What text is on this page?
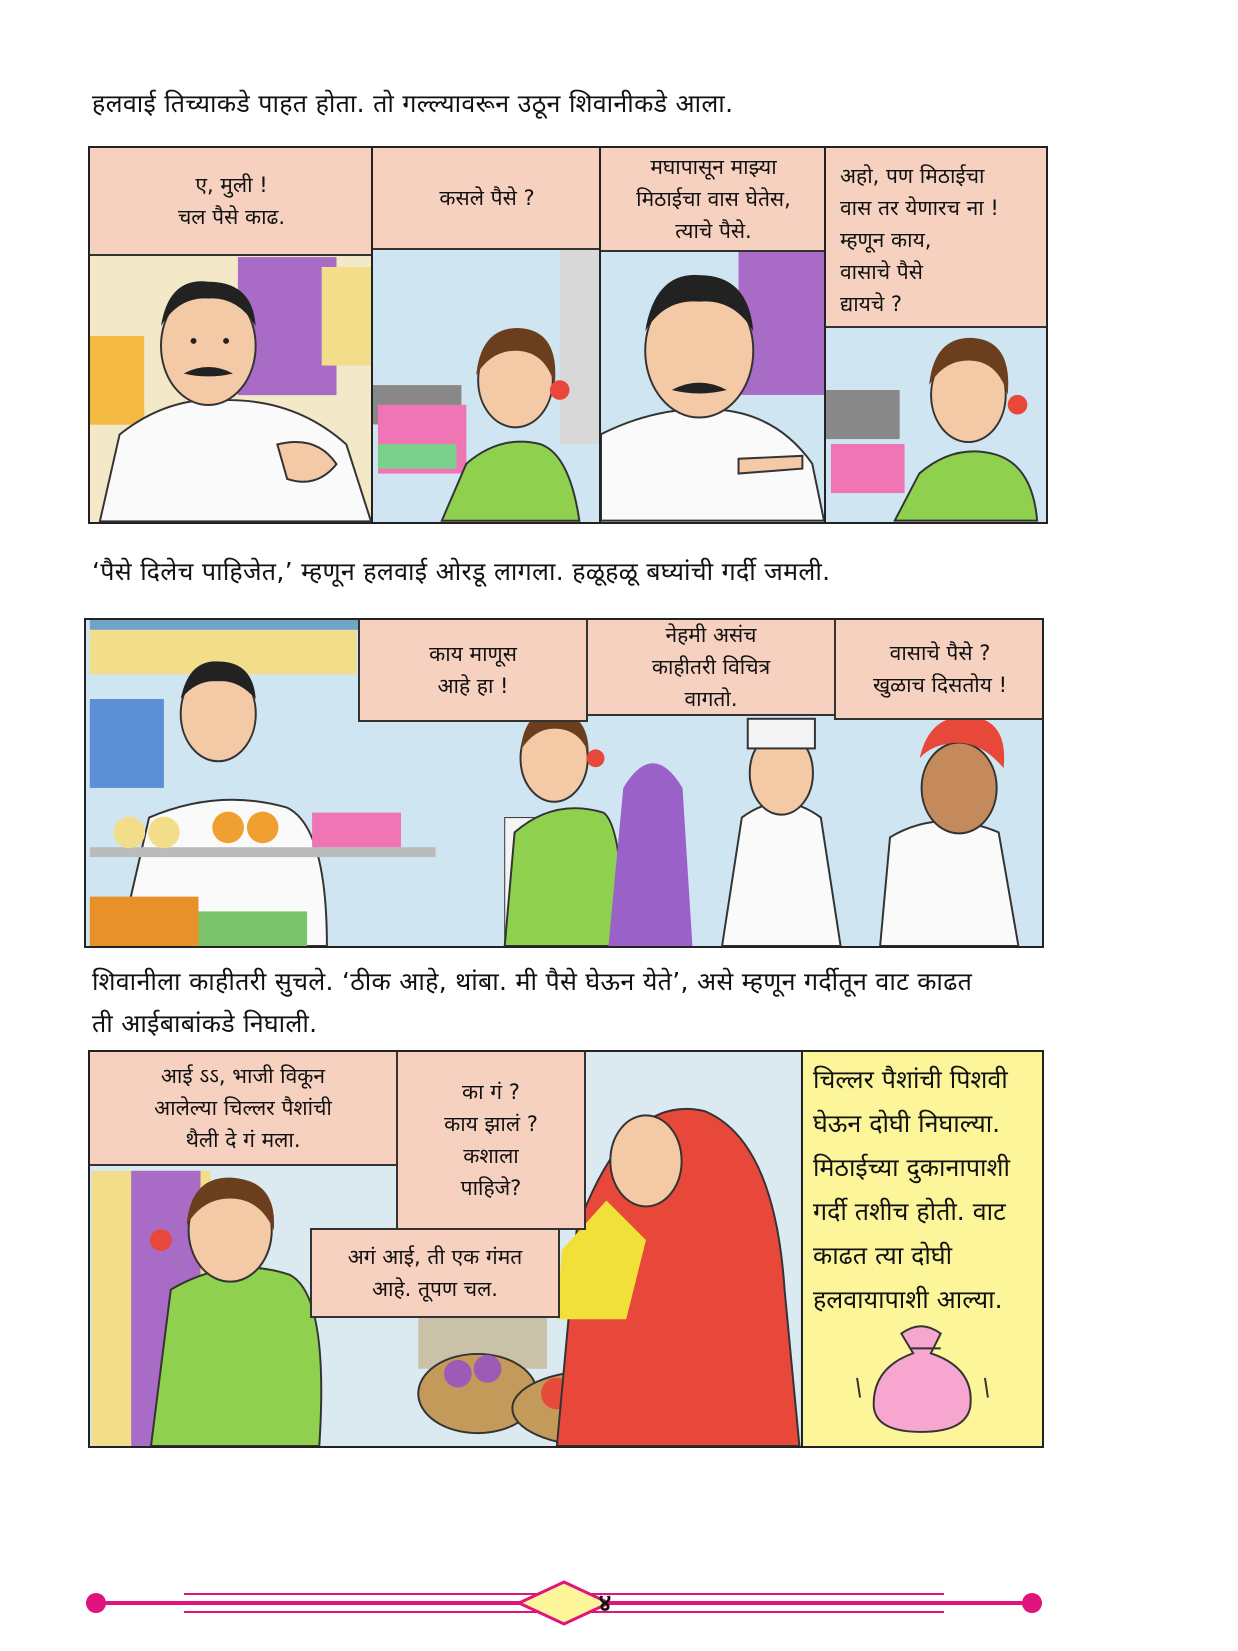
हलवाई तिच्याकडे पाहत होता. तो गल्ल्यावरून उठून शिवानीकडे आला.
ए, मुली !
चल पैसे काढ.
कसले पैसे ?
मघापासून माझ्या
मिठाईचा वास घेतेस,
त्याचे पैसे.
अहो, पण मिठाईचा
वास तर येणारच ना !
म्हणून काय,
वासाचे पैसे
द्यायचे ?
‘पैसे दिलेच पाहिजेत,’ म्हणून हलवाई ओरडू लागला. हळूहळू बघ्यांची गर्दी जमली.
काय माणूस
आहे हा !
नेहमी असंच
काहीतरी विचित्र
वागतो.
वासाचे पैसे ?
खुळाच दिसतोय !
शिवानीला काहीतरी सुचले. ‘ठीक आहे, थांबा. मी पैसे घेऊन येते’, असे म्हणून गर्दीतून वाट काढत
ती आईबाबांकडे निघाली.
आई ऽऽ, भाजी विकून
आलेल्या चिल्लर पैशांची
थैली दे गं मला.
का गं ?
काय झालं ?
कशाला
पाहिजे?
अगं आई, ती एक गंमत
आहे. तूपण चल.
चिल्लर पैशांची पिशवी
घेऊन दोघी निघाल्या.
मिठाईच्या दुकानापाशी
गर्दी तशीच होती. वाट
काढत त्या दोघी
हलवायापाशी आल्या.
४
